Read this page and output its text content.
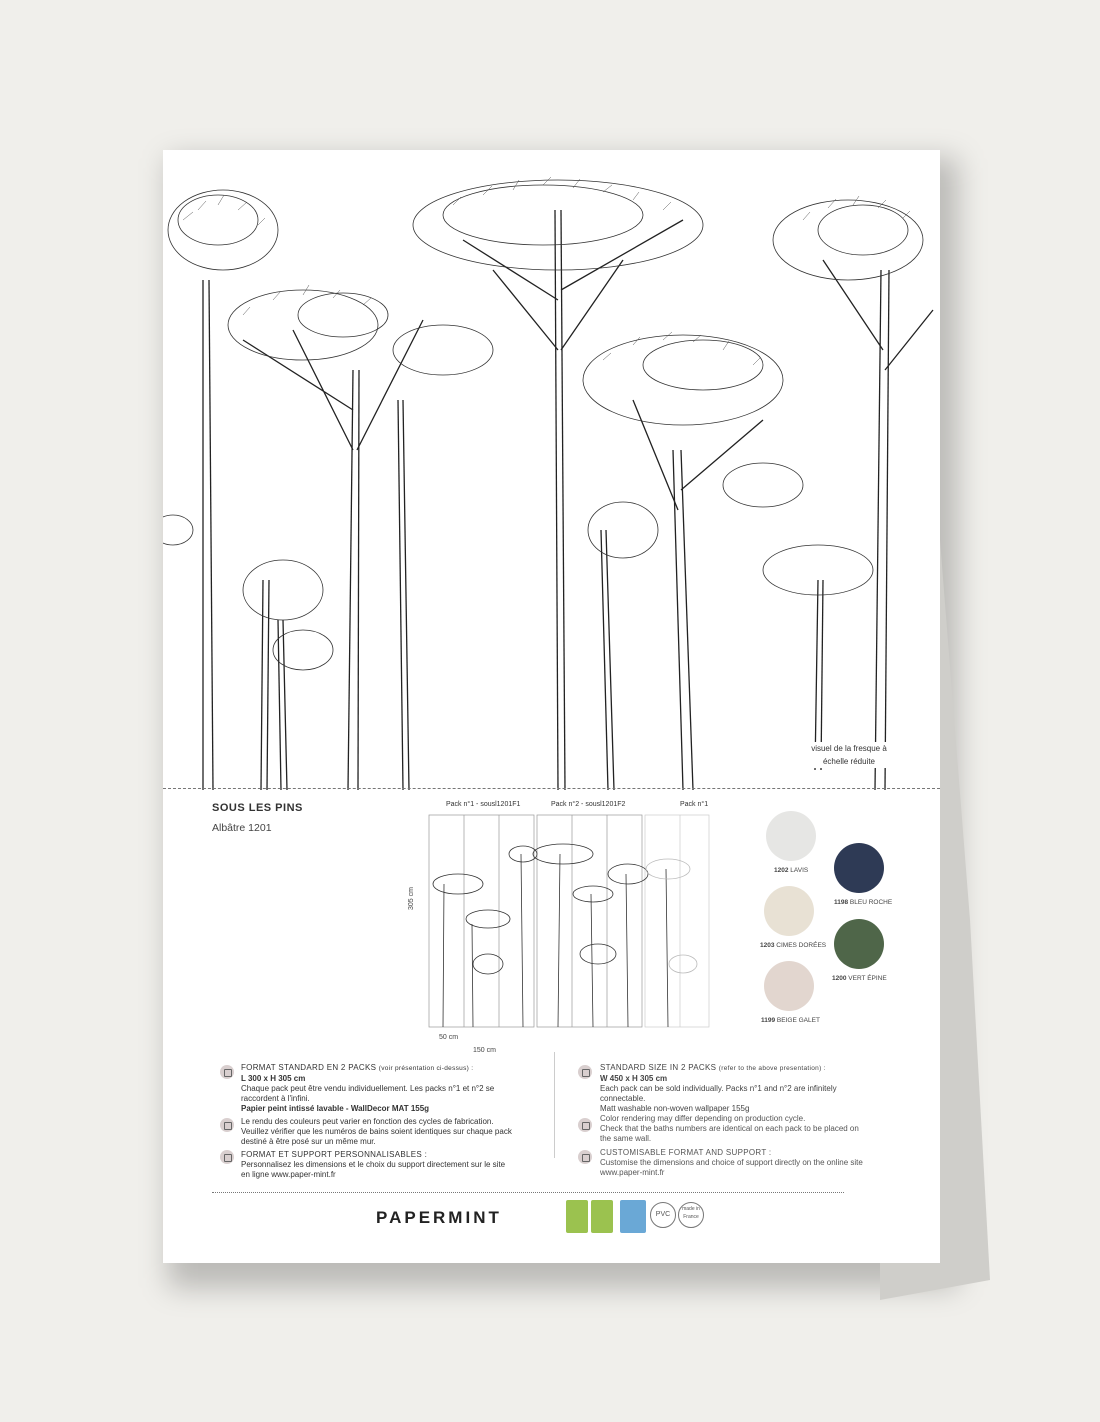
visuel de la fresque à échelle réduite
SOUS LES PINS
Albâtre 1201
Pack n°1 - sousl1201F1	Pack n°2 - sousl1201F2	Pack n°1
305 cm
50 cm
150 cm
1202 LAVIS
1198 BLEU ROCHE
1203 CIMES DORÉES
1200 VERT ÉPINE
1199 BEIGE GALET
FORMAT STANDARD EN 2 PACKS (voir présentation ci-dessus) :
L 300 x H 305 cm
Chaque pack peut être vendu individuellement. Les packs n°1 et n°2 se
raccordent à l'infini.
Papier peint intissé lavable - WallDecor MAT 155g
Le rendu des couleurs peut varier en fonction des cycles de fabrication.
Veuillez vérifier que les numéros de bains soient identiques sur chaque pack
destiné à être posé sur un même mur.
FORMAT ET SUPPORT PERSONNALISABLES :
Personnalisez les dimensions et le choix du support directement sur le site
en ligne www.paper-mint.fr
STANDARD SIZE IN 2 PACKS (refer to the above presentation) :
W 450 x H 305 cm
Each pack can be sold individually. Packs n°1 and n°2 are infinitely
connectable.
Matt washable non-woven wallpaper 155g
Color rendering may differ depending on production cycle.
Check that the baths numbers are identical on each pack to be placed on
the same wall.
CUSTOMISABLE FORMAT AND SUPPORT :
Customise the dimensions and choice of support directly on the online site
www.paper-mint.fr
PAPERMINT	PVC
made in France
